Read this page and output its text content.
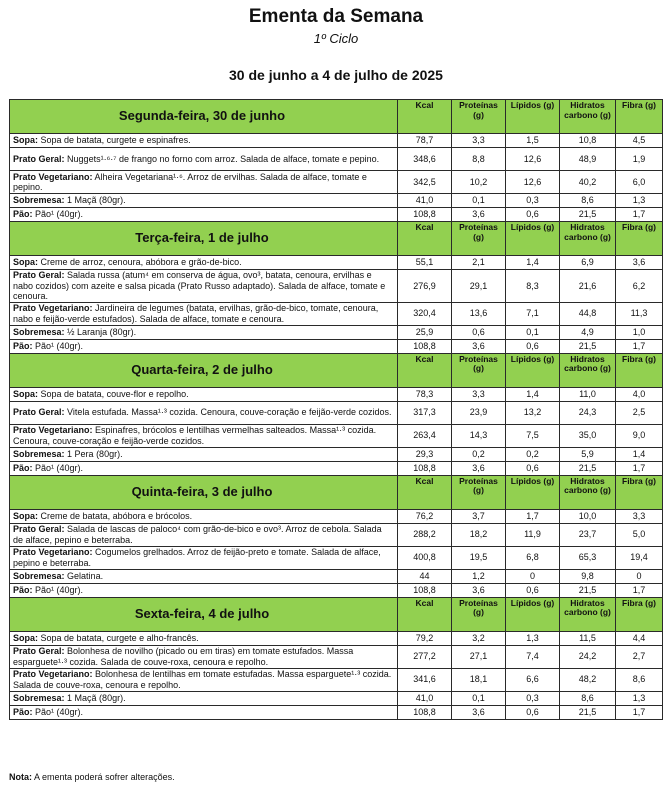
Ementa da Semana
1º Ciclo
30 de junho a 4 de julho de 2025
Segunda-feira, 30 de junho	Kcal	Proteínas (g)	Lípidos (g)	Hidratos carbono (g)	Fibra (g)
Sopa: Sopa de batata, curgete e espinafres.	78,7	3,3	1,5	10,8	4,5
Prato Geral: Nuggets¹·⁶·⁷ de frango no forno com arroz. Salada de alface, tomate e pepino.	348,6	8,8	12,6	48,9	1,9
Prato Vegetariano: Alheira Vegetariana¹·⁶. Arroz de ervilhas. Salada de alface, tomate e pepino.	342,5	10,2	12,6	40,2	6,0
Sobremesa: 1 Maçã (80gr).	41,0	0,1	0,3	8,6	1,3
Pão: Pão¹ (40gr).	108,8	3,6	0,6	21,5	1,7
Terça-feira, 1 de julho	Kcal	Proteínas (g)	Lípidos (g)	Hidratos carbono (g)	Fibra (g)
Sopa: Creme de arroz, cenoura, abóbora e grão-de-bico.	55,1	2,1	1,4	6,9	3,6
Prato Geral: Salada russa (atum⁴ em conserva de água, ovo³, batata, cenoura, ervilhas e nabo cozidos) com azeite e salsa picada (Prato Russo adaptado). Salada de alface, tomate e cenoura.	276,9	29,1	8,3	21,6	6,2
Prato Vegetariano: Jardineira de legumes (batata, ervilhas, grão-de-bico, tomate, cenoura, nabo e feijão-verde estufados). Salada de alface, tomate e cenoura.	320,4	13,6	7,1	44,8	11,3
Sobremesa: ½ Laranja (80gr).	25,9	0,6	0,1	4,9	1,0
Pão: Pão¹ (40gr).	108,8	3,6	0,6	21,5	1,7
Quarta-feira, 2 de julho	Kcal	Proteínas (g)	Lípidos (g)	Hidratos carbono (g)	Fibra (g)
Sopa: Sopa de batata, couve-flor e repolho.	78,3	3,3	1,4	11,0	4,0
Prato Geral: Vitela estufada. Massa¹·³ cozida. Cenoura, couve-coração e feijão-verde cozidos.	317,3	23,9	13,2	24,3	2,5
Prato Vegetariano: Espinafres, brócolos e lentilhas vermelhas salteados. Massa¹·³ cozida. Cenoura, couve-coração e feijão-verde cozidos.	263,4	14,3	7,5	35,0	9,0
Sobremesa: 1 Pera (80gr).	29,3	0,2	0,2	5,9	1,4
Pão: Pão¹ (40gr).	108,8	3,6	0,6	21,5	1,7
Quinta-feira, 3 de julho	Kcal	Proteínas (g)	Lípidos (g)	Hidratos carbono (g)	Fibra (g)
Sopa: Creme de batata, abóbora e brócolos.	76,2	3,7	1,7	10,0	3,3
Prato Geral: Salada de lascas de paloco⁴ com grão-de-bico e ovo³. Arroz de cebola. Salada de alface, pepino e beterraba.	288,2	18,2	11,9	23,7	5,0
Prato Vegetariano: Cogumelos grelhados. Arroz de feijão-preto e tomate. Salada de alface, pepino e beterraba.	400,8	19,5	6,8	65,3	19,4
Sobremesa: Gelatina.	44	1,2	0	9,8	0
Pão: Pão¹ (40gr).	108,8	3,6	0,6	21,5	1,7
Sexta-feira, 4 de julho	Kcal	Proteínas (g)	Lípidos (g)	Hidratos carbono (g)	Fibra (g)
Sopa: Sopa de batata, curgete e alho-francês.	79,2	3,2	1,3	11,5	4,4
Prato Geral: Bolonhesa de novilho (picado ou em tiras) em tomate estufados. Massa esparguete¹·³ cozida. Salada de couve-roxa, cenoura e repolho.	277,2	27,1	7,4	24,2	2,7
Prato Vegetariano: Bolonhesa de lentilhas em tomate estufadas. Massa esparguete¹·³ cozida. Salada de couve-roxa, cenoura e repolho.	341,6	18,1	6,6	48,2	8,6
Sobremesa: 1 Maçã (80gr).	41,0	0,1	0,3	8,6	1,3
Pão: Pão¹ (40gr).	108,8	3,6	0,6	21,5	1,7
Nota: A ementa poderá sofrer alterações.
